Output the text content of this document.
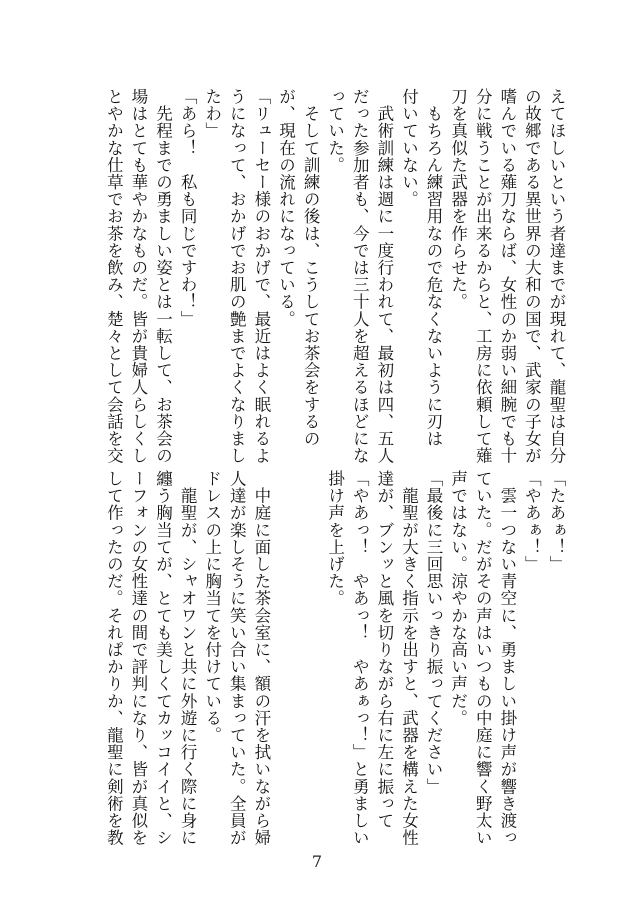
えてほしいという者達までが現れて、龍聖は自分
の故郷である異世界の大和の国で、武家の子女が
嗜んでいる薙刀ならば、女性のか弱い細腕でも十
分に戦うことが出来るからと、工房に依頼して薙
刀を真似た武器を作らせた。
　もちろん練習用なので危なくないように刃は
付いていない。
　武術訓練は週に一度行われて、最初は四、五人
だった参加者も、今では三十人を超えるほどにな
っていた。
　そして訓練の後は、こうしてお茶会をするの
が、現在の流れになっている。
「リューセー様のおかげで、最近はよく眠れるよ
うになって、おかげでお肌の艶までよくなりまし
たわ」
「あら！　私も同じですわ！」
　先程までの勇ましい姿とは一転して、お茶会の
場はとても華やかなものだ。皆が貴婦人らしくし
とやかな仕草でお茶を飲み、楚々として会話を交
「たあぁ！」
「やあぁ！」
　雲一つない青空に、勇ましい掛け声が響き渡っ
ていた。だがその声はいつもの中庭に響く野太い
声ではない。涼やかな高い声だ。
「最後に三回思いっきり振ってください」
　龍聖が大きく指示を出すと、武器を構えた女性
達が、ブンッと風を切りながら右に左に振って
「やあっ！　やあっ！　やあぁっ！」と勇ましい
掛け声を上げた。

　中庭に面した茶会室に、額の汗を拭いながら婦
人達が楽しそうに笑い合い集まっていた。全員が
ドレスの上に胸当てを付けている。
　龍聖が、シャオワンと共に外遊に行く際に身に
纏う胸当てが、とても美しくてカッコイイと、シ
ーフォンの女性達の間で評判になり、皆が真似を
して作ったのだ。それぱかりか、龍聖に剣術を教
7
